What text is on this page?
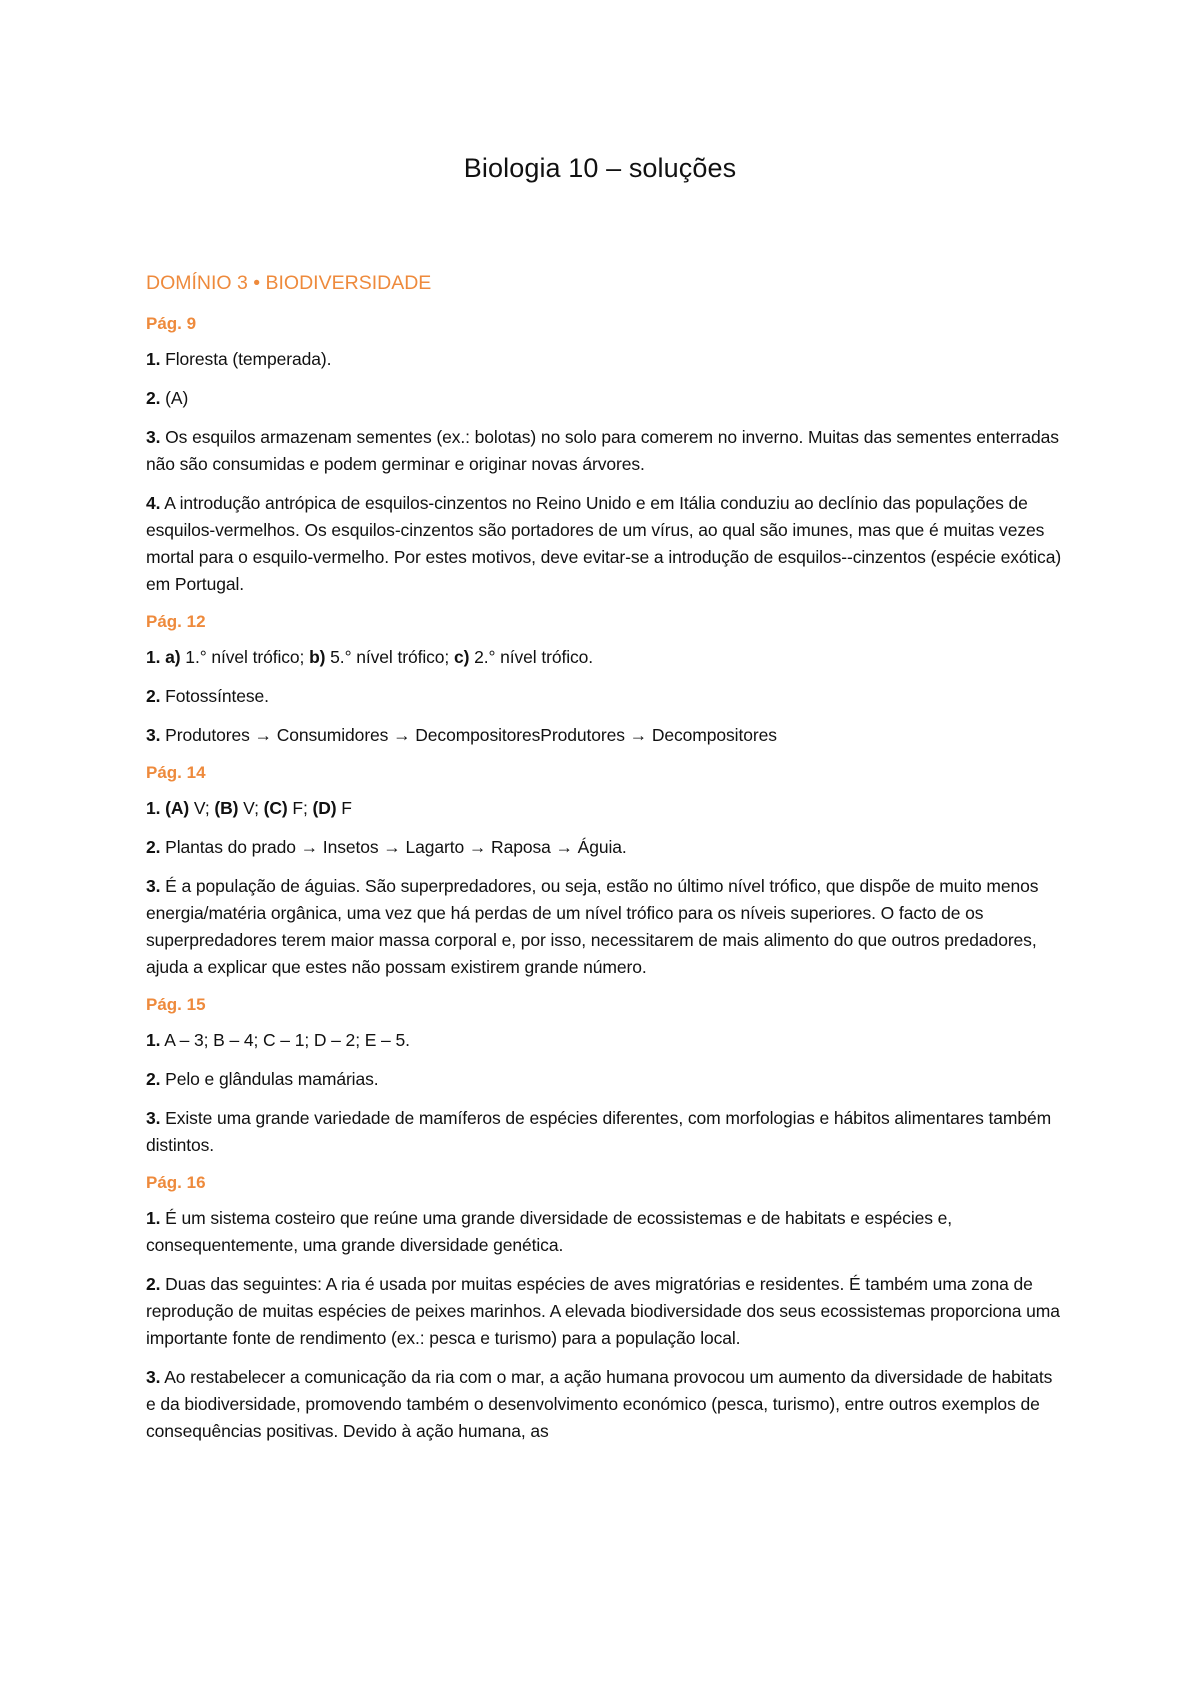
Biologia 10 – soluções
DOMÍNIO 3 • BIODIVERSIDADE
Pág. 9

1. Floresta (temperada).

2. (A)

3. Os esquilos armazenam sementes (ex.: bolotas) no solo para comerem no inverno. Muitas das sementes enterradas não são consumidas e podem germinar e originar novas árvores.

4. A introdução antrópica de esquilos-cinzentos no Reino Unido e em Itália conduziu ao declínio das populações de esquilos-vermelhos. Os esquilos-cinzentos são portadores de um vírus, ao qual são imunes, mas que é muitas vezes mortal para o esquilo-vermelho. Por estes motivos, deve evitar-se a introdução de esquilos--cinzentos (espécie exótica) em Portugal.

Pág. 12

1. a) 1.° nível trófico; b) 5.° nível trófico; c) 2.° nível trófico.

2. Fotossíntese.

3. Produtores → Consumidores → DecompositoresProdutores → Decompositores

Pág. 14

1. (A) V; (B) V; (C) F; (D) F

2. Plantas do prado → Insetos → Lagarto → Raposa → Águia.

3. É a população de águias. São superpredadores, ou seja, estão no último nível trófico, que dispõe de muito menos energia/matéria orgânica, uma vez que há perdas de um nível trófico para os níveis superiores. O facto de os superpredadores terem maior massa corporal e, por isso, necessitarem de mais alimento do que outros predadores, ajuda a explicar que estes não possam existirem grande número.

Pág. 15

1. A – 3; B – 4; C – 1; D – 2; E – 5.

2. Pelo e glândulas mamárias.

3. Existe uma grande variedade de mamíferos de espécies diferentes, com morfologias e hábitos alimentares também distintos.

Pág. 16

1. É um sistema costeiro que reúne uma grande diversidade de ecossistemas e de habitats e espécies e, consequentemente, uma grande diversidade genética.

2. Duas das seguintes: A ria é usada por muitas espécies de aves migratórias e residentes. É também uma zona de reprodução de muitas espécies de peixes marinhos. A elevada biodiversidade dos seus ecossistemas proporciona uma importante fonte de rendimento (ex.: pesca e turismo) para a população local.

3. Ao restabelecer a comunicação da ria com o mar, a ação humana provocou um aumento da diversidade de habitats e da biodiversidade, promovendo também o desenvolvimento económico (pesca, turismo), entre outros exemplos de consequências positivas. Devido à ação humana, as
